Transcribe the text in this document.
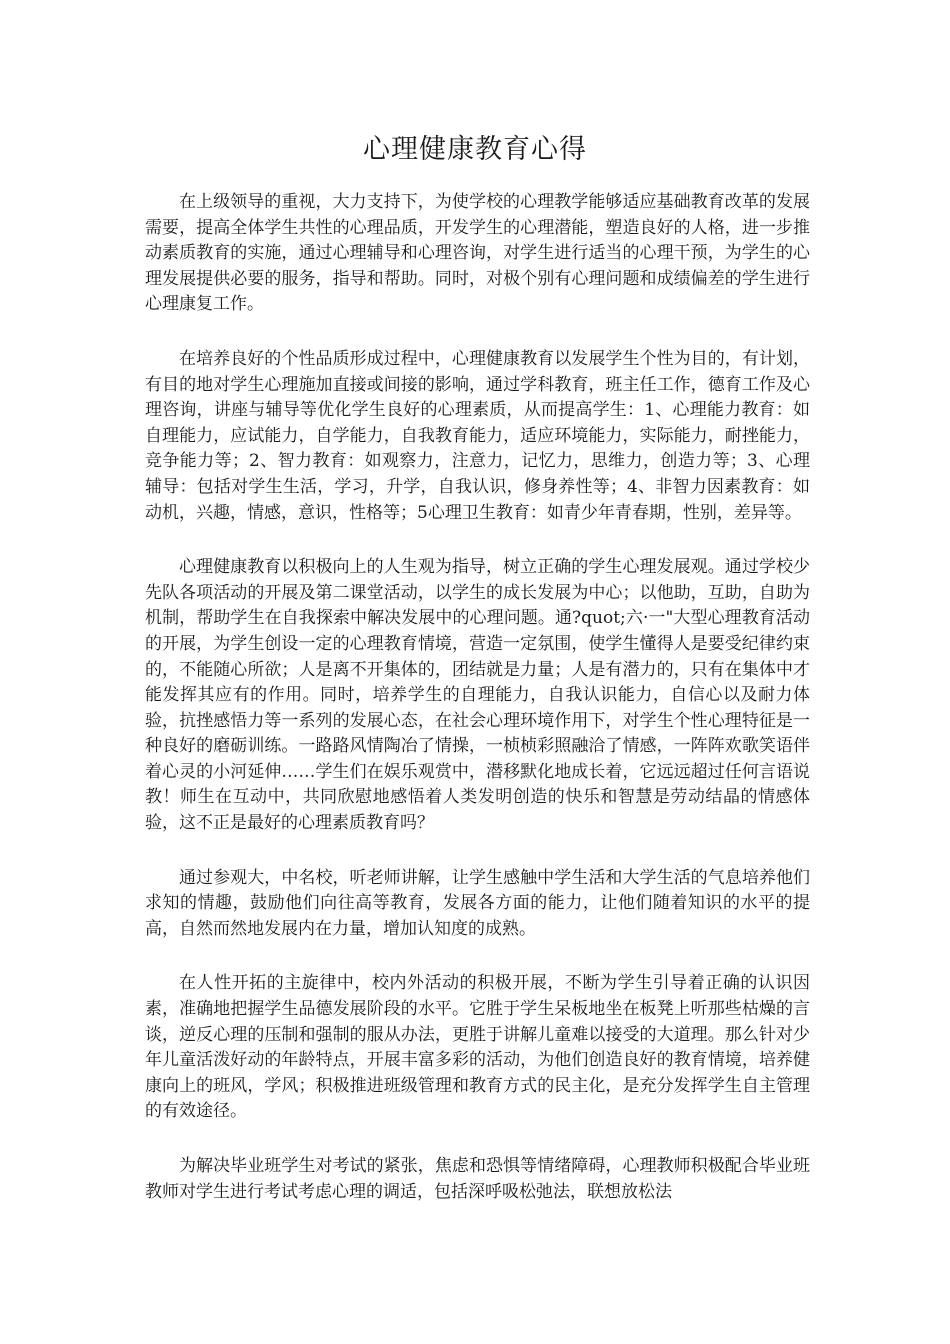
心理健康教育心得

在上级领导的重视，大力支持下，为使学校的心理教学能够适应基础教育改革的发展需要，提高全体学生共性的心理品质，开发学生的心理潜能，塑造良好的人格，进一步推动素质教育的实施，通过心理辅导和心理咨询，对学生进行适当的心理干预，为学生的心理发展提供必要的服务，指导和帮助。同时，对极个别有心理问题和成绩偏差的学生进行心理康复工作。

在培养良好的个性品质形成过程中，心理健康教育以发展学生个性为目的，有计划，有目的地对学生心理施加直接或间接的影响，通过学科教育，班主任工作，德育工作及心理咨询，讲座与辅导等优化学生良好的心理素质，从而提高学生：1、心理能力教育：如自理能力，应试能力，自学能力，自我教育能力，适应环境能力，实际能力，耐挫能力，竞争能力等；2、智力教育：如观察力，注意力，记忆力，思维力，创造力等；3、心理辅导：包括对学生生活，学习，升学，自我认识，修身养性等；4、非智力因素教育：如动机，兴趣，情感，意识，性格等；5心理卫生教育：如青少年青春期，性别，差异等。

心理健康教育以积极向上的人生观为指导，树立正确的学生心理发展观。通过学校少先队各项活动的开展及第二课堂活动，以学生的成长发展为中心；以他助，互助，自助为机制，帮助学生在自我探索中解决发展中的心理问题。通?quot;六·一"大型心理教育活动的开展，为学生创设一定的心理教育情境，营造一定氛围，使学生懂得人是要受纪律约束的，不能随心所欲；人是离不开集体的，团结就是力量；人是有潜力的，只有在集体中才能发挥其应有的作用。同时，培养学生的自理能力，自我认识能力，自信心以及耐力体验，抗挫感悟力等一系列的发展心态，在社会心理环境作用下，对学生个性心理特征是一种良好的磨砺训练。一路路风情陶冶了情操，一桢桢彩照融洽了情感，一阵阵欢歌笑语伴着心灵的小河延伸……学生们在娱乐观赏中，潜移默化地成长着，它远远超过任何言语说教！师生在互动中，共同欣慰地感悟着人类发明创造的快乐和智慧是劳动结晶的情感体验，这不正是最好的心理素质教育吗？

通过参观大，中名校，听老师讲解，让学生感触中学生活和大学生活的气息培养他们求知的情趣，鼓励他们向往高等教育，发展各方面的能力，让他们随着知识的水平的提高，自然而然地发展内在力量，增加认知度的成熟。

在人性开拓的主旋律中，校内外活动的积极开展，不断为学生引导着正确的认识因素，准确地把握学生品德发展阶段的水平。它胜于学生呆板地坐在板凳上听那些枯燥的言谈，逆反心理的压制和强制的服从办法，更胜于讲解儿童难以接受的大道理。那么针对少年儿童活泼好动的年龄特点，开展丰富多彩的活动，为他们创造良好的教育情境，培养健康向上的班风，学风；积极推进班级管理和教育方式的民主化，是充分发挥学生自主管理的有效途径。

为解决毕业班学生对考试的紧张，焦虑和恐惧等情绪障碍，心理教师积极配合毕业班教师对学生进行考试考虑心理的调适，包括深呼吸松弛法，联想放松法
